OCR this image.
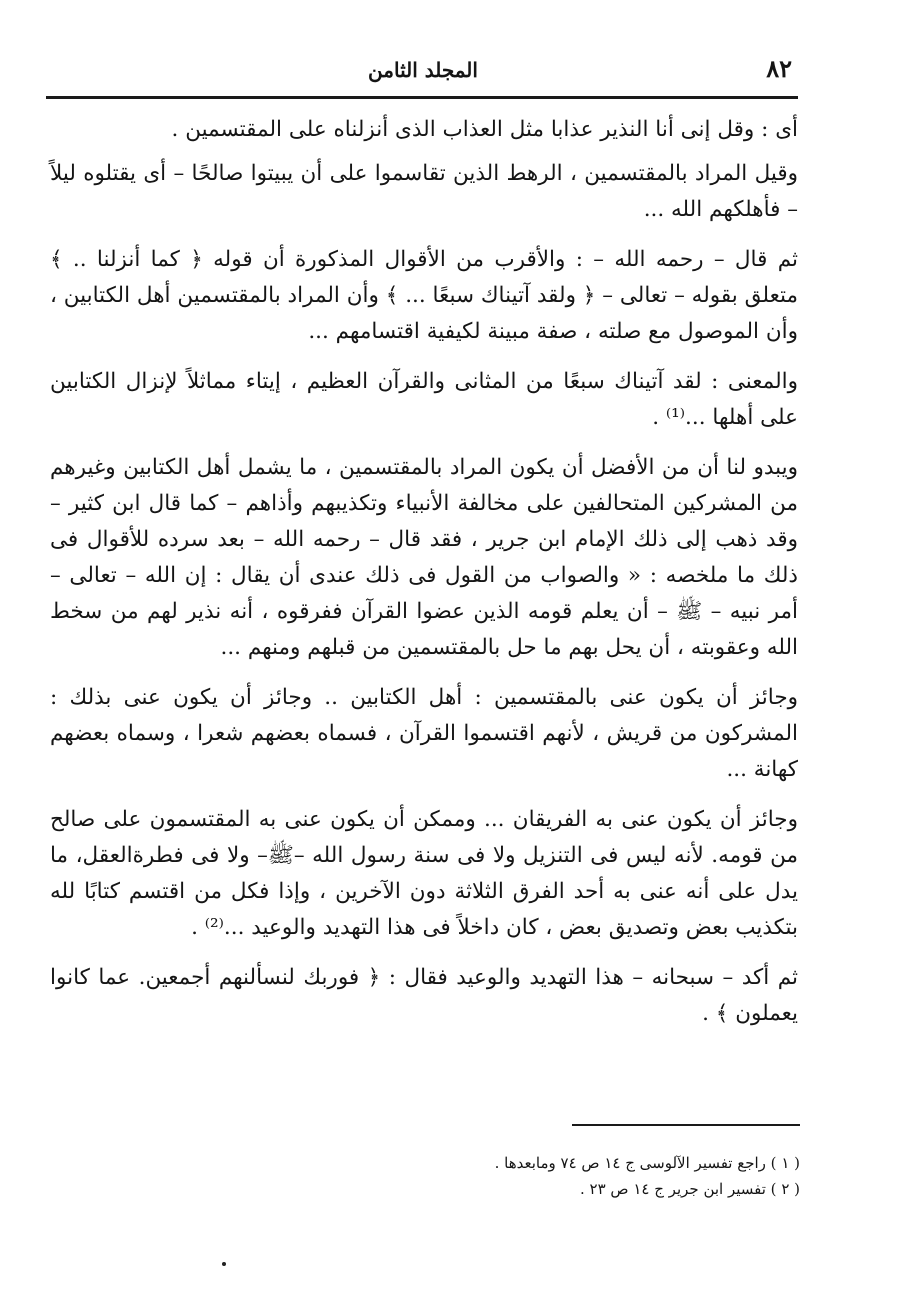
٨٢
المجلد الثامن

أى : وقل إنى أنا النذير عذابا مثل العذاب الذى أنزلناه على المقتسمين .

وقيل المراد بالمقتسمين ، الرهط الذين تقاسموا على أن يبيتوا صالحًا – أى يقتلوه ليلاً – فأهلكهم الله ...

ثم قال – رحمه الله – : والأقرب من الأقوال المذكورة أن قوله ﴿ كما أنزلنا .. ﴾ متعلق بقوله – تعالى – ﴿ ولقد آتيناك سبعًا ... ﴾ وأن المراد بالمقتسمين أهل الكتابين ، وأن الموصول مع صلته ، صفة مبينة لكيفية اقتسامهم ...

والمعنى : لقد آتيناك سبعًا من المثانى والقرآن العظيم ، إيتاء مماثلاً لإنزال الكتابين على أهلها ...⁽¹⁾ .

ويبدو لنا أن من الأفضل أن يكون المراد بالمقتسمين ، ما يشمل أهل الكتابين وغيرهم من المشركين المتحالفين على مخالفة الأنبياء وتكذيبهم وأذاهم – كما قال ابن كثير – وقد ذهب إلى ذلك الإمام ابن جرير ، فقد قال – رحمه الله – بعد سرده للأقوال فى ذلك ما ملخصه : « والصواب من القول فى ذلك عندى أن يقال : إن الله – تعالى – أمر نبيه – ﷺ – أن يعلم قومه الذين عضوا القرآن ففرقوه ، أنه نذير لهم من سخط الله وعقوبته ، أن يحل بهم ما حل بالمقتسمين من قبلهم ومنهم ...

وجائز أن يكون عنى بالمقتسمين : أهل الكتابين .. وجائز أن يكون عنى بذلك : المشركون من قريش ، لأنهم اقتسموا القرآن ، فسماه بعضهم شعرا ، وسماه بعضهم كهانة ...

وجائز أن يكون عنى به الفريقان ... وممكن أن يكون عنى به المقتسمون على صالح من قومه. لأنه ليس فى التنزيل ولا فى سنة رسول الله –ﷺ– ولا فى فطرةالعقل، ما يدل على أنه عنى به أحد الفرق الثلاثة دون الآخرين ، وإذا فكل من اقتسم كتابًا لله بتكذيب بعض وتصديق بعض ، كان داخلاً فى هذا التهديد والوعيد ...⁽²⁾ .

ثم أكد – سبحانه – هذا التهديد والوعيد فقال : ﴿ فوربك لنسألنهم أجمعين. عما كانوا يعملون ﴾ .

( ١ ) راجع تفسير الآلوسى ج ١٤ ص ٧٤ ومابعدها .

( ٢ ) تفسير ابن جرير ج ١٤ ص ٢٣ .
